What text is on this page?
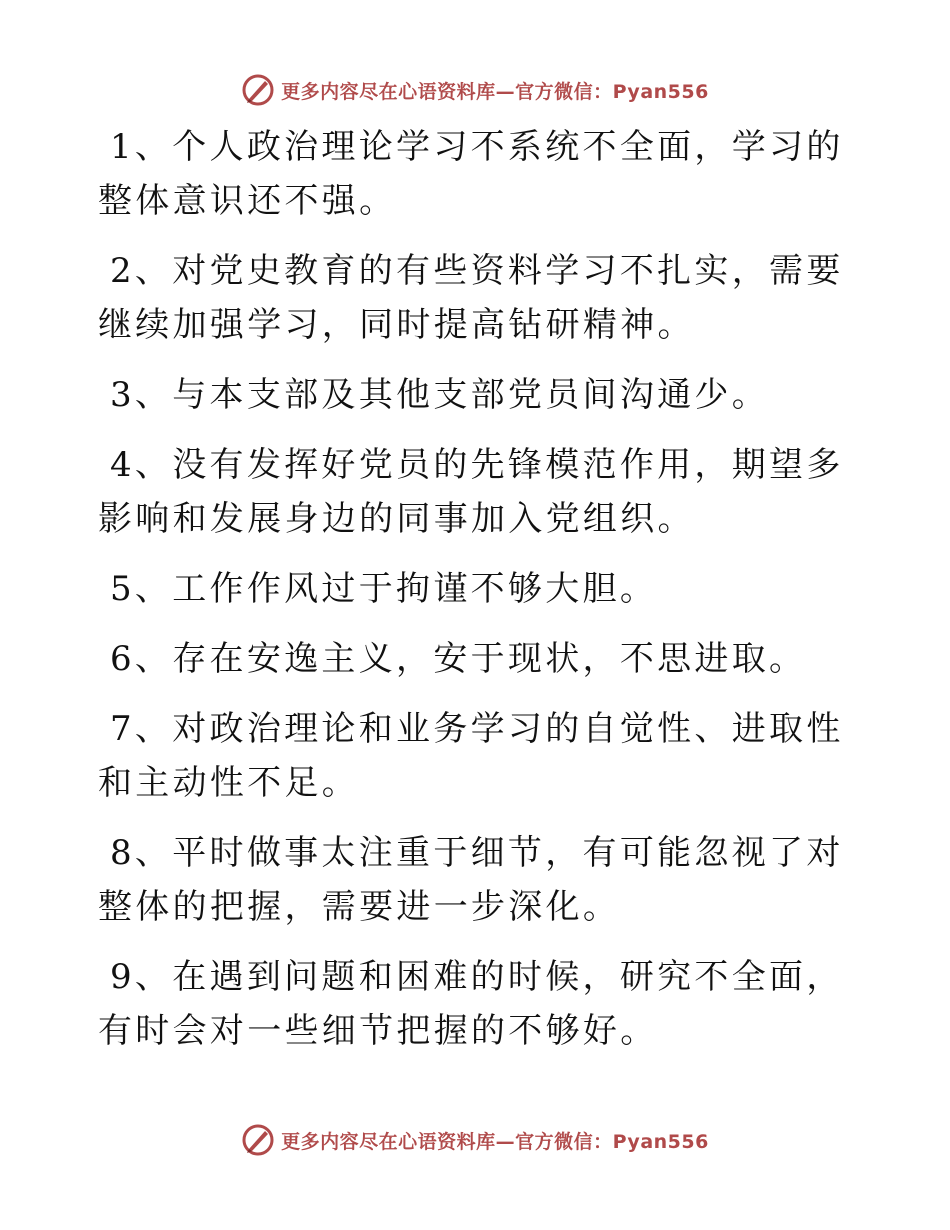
更多内容尽在心语资料库—官方微信：Pyan556

1、个人政治理论学习不系统不全面，学习的整体意识还不强。

2、对党史教育的有些资料学习不扎实，需要继续加强学习，同时提高钻研精神。

3、与本支部及其他支部党员间沟通少。

4、没有发挥好党员的先锋模范作用，期望多影响和发展身边的同事加入党组织。

5、工作作风过于拘谨不够大胆。

6、存在安逸主义，安于现状，不思进取。

7、对政治理论和业务学习的自觉性、进取性和主动性不足。

8、平时做事太注重于细节，有可能忽视了对整体的把握，需要进一步深化。

9、在遇到问题和困难的时候，研究不全面，有时会对一些细节把握的不够好。

更多内容尽在心语资料库—官方微信：Pyan556
